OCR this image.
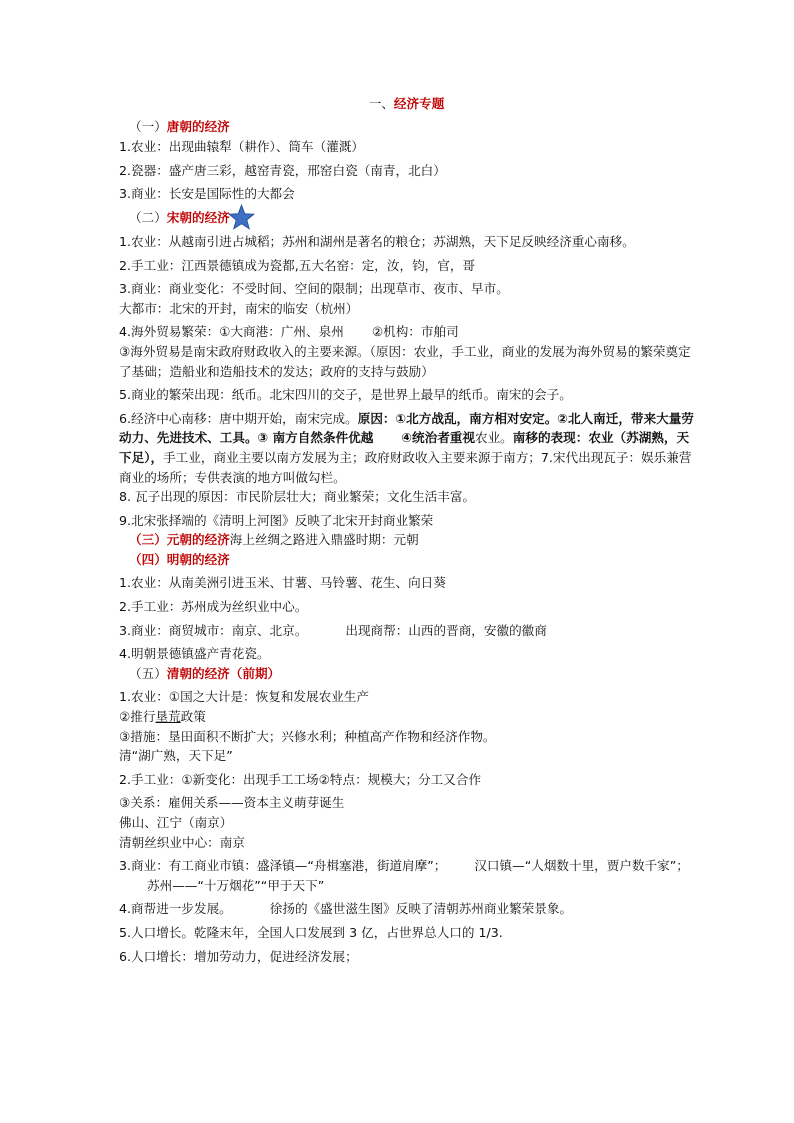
一、经济专题
（一）唐朝的经济
1.农业：出现曲辕犁（耕作）、筒车（灌溉）
2.瓷器：盛产唐三彩，越窑青瓷，邢窑白瓷（南青，北白）
3.商业：长安是国际性的大都会
（二）宋朝的经济
1.农业：从越南引进占城稻；苏州和湖州是著名的粮仓；苏湖熟，天下足反映经济重心南移。
2.手工业：江西景德镇成为瓷都,五大名窑：定，汝，钧，官，哥
3.商业：商业变化：不受时间、空间的限制；出现草市、夜市、早市。
大都市：北宋的开封，南宋的临安（杭州）
4.海外贸易繁荣：①大商港：广州、泉州 ②机构：市舶司
③海外贸易是南宋政府财政收入的主要来源。（原因：农业，手工业，商业的发展为海外贸易的繁荣奠定了基础；造船业和造船技术的发达；政府的支持与鼓励）
5.商业的繁荣出现：纸币。北宋四川的交子，是世界上最早的纸币。南宋的会子。
6.经济中心南移：唐中期开始，南宋完成。原因：①北方战乱，南方相对安定。②北人南迁，带来大量劳动力、先进技术、工具。③ 南方自然条件优越 ④统治者重视农业。南移的表现：农业（苏湖熟，天下足），手工业，商业主要以南方发展为主；政府财政收入主要来源于南方；7.宋代出现瓦子：娱乐兼营商业的场所；专供表演的地方叫做勾栏。
8. 瓦子出现的原因：市民阶层壮大；商业繁荣；文化生活丰富。
9.北宋张择端的《清明上河图》反映了北宋开封商业繁荣
（三）元朝的经济海上丝绸之路进入鼎盛时期：元朝
（四）明朝的经济
1.农业：从南美洲引进玉米、甘薯、马铃薯、花生、向日葵
2.手工业：苏州成为丝织业中心。
3.商业：商贸城市：南京、北京。	出现商帮：山西的晋商，安徽的徽商
4.明朝景德镇盛产青花瓷。
（五）清朝的经济（前期）
1.农业：①国之大计是：恢复和发展农业生产
②推行垦荒政策
③措施：垦田面积不断扩大；兴修水利；种植高产作物和经济作物。
清“湖广熟，天下足”
2.手工业：①新变化：出现手工工场②特点：规模大；分工又合作
③关系：雇佣关系——资本主义萌芽诞生
佛山、江宁（南京）
清朝丝织业中心：南京
3.商业：有工商业市镇：盛泽镇—“舟楫塞港，街道肩摩”； 汉口镇—“人烟数十里，贾户数千家”；苏州——“十万烟花”“甲于天下”
4.商帮进一步发展。	徐扬的《盛世滋生图》反映了清朝苏州商业繁荣景象。
5.人口增长。乾隆末年，全国人口发展到 3 亿，占世界总人口的 1/3.
6.人口增长：增加劳动力，促进经济发展；
